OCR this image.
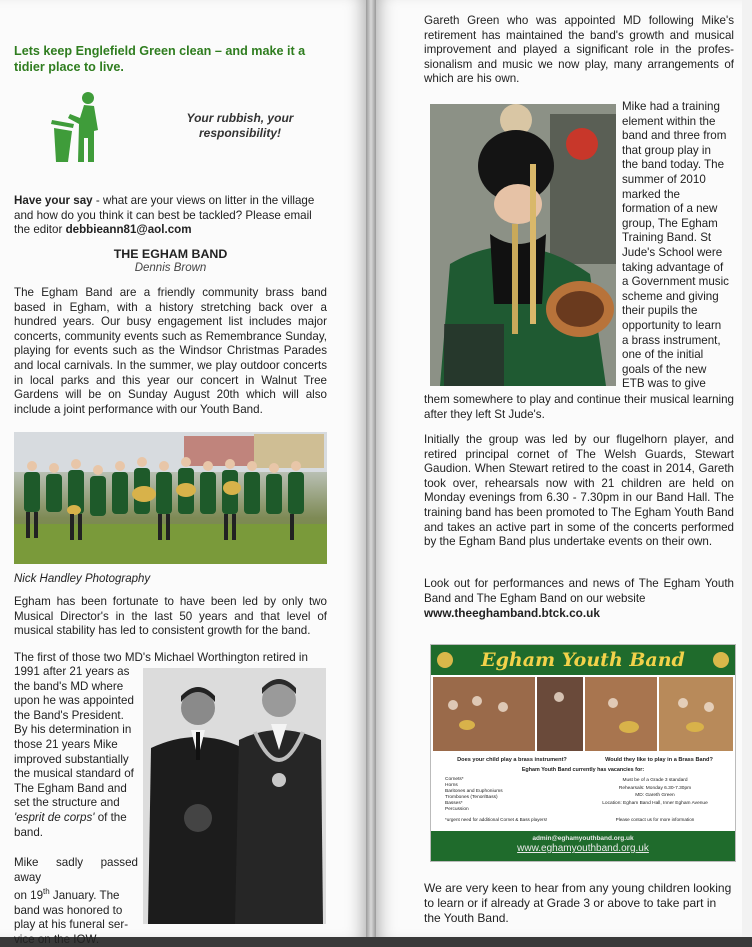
Lets keep Englefield Green clean – and make it a tidier place to live.

Your rubbish, your
responsibility!

Have your say - what are your views on litter in the village and how do you think it can best be tackled? Please email the editor debbieann81@aol.com

THE EGHAM BAND
Dennis Brown

The Egham Band are a friendly community brass band based in Egham, with a history stretching back over a hundred years. Our busy engagement list includes major concerts, community events such as Remembrance Sunday, playing for events such as the Windsor Christmas Parades and local carnivals. In the summer, we play outdoor concerts in local parks and this year our concert in Walnut Tree Gardens will be on Sunday August 20th which will also include a joint performance with our Youth Band.

Nick Handley Photography

Egham has been fortunate to have been led by only two Musical Director's in the last 50 years and that level of musical stability has led to consistent growth for the band.

The first of those two MD's Michael Worthington retired in

1991 after 21 years as
the band's MD where
upon he was appointed
the Band's President.
By his determination in
those 21 years Mike
improved substantially
the musical standard of
The Egham Band and
set the structure and
'esprit de corps' of the
band.
Mike sadly passed away
on 19th January. The
band was honored to
play at his funeral ser-
vice on the IOW.

Gareth Green who was appointed MD following Mike's retirement has maintained the band's growth and musical improvement and played a significant role in the profes-sionalism and music we now play, many arrangements of which are his own.

Mike had a training
element within the
band and three from
that group play in
the band today. The
summer of 2010
marked the
formation of a new
group, The Egham
Training Band. St
Jude's School were
taking advantage of
a Government music
scheme and giving
their pupils the
opportunity to learn
a brass instrument,
one of the initial
goals of the new
ETB was to give

them somewhere to play and continue their musical learning after they left St Jude's.

Initially the group was led by our flugelhorn player, and retired principal cornet of The Welsh Guards, Stewart Gaudion. When Stewart retired to the coast in 2014, Gareth took over, rehearsals now with 21 children are held on Monday evenings from 6.30 - 7.30pm in our Band Hall. The training band has been promoted to The Egham Youth Band and takes an active part in some of the concerts performed by the Egham Band plus undertake events on their own.

Look out for performances and news of The Egham Youth Band and The Egham Band on our website

www.theeghamband.btck.co.uk
Egham Youth Band
Does your child play a brass instrument?	Would they like to play in a Brass Band?
Egham Youth Band currently has vacancies for:
Cornets*
Horns
Baritones and Euphoniums
Trombones (Tenor/Bass)
Basses*
Percussion
Must be of a Grade 3 standard
Rehearsals: Monday 6.30-7.30pm
MD: Gareth Green
Location: Egham Band Hall, Inner Egham Avenue
*urgent need for additional Cornet & Bass players!	Please contact us for more information
admin@eghamyouthband.org.uk
www.eghamyouthband.org.uk

We are very keen to hear from any young children looking to learn or if already at Grade 3 or above to take part in the Youth Band.
